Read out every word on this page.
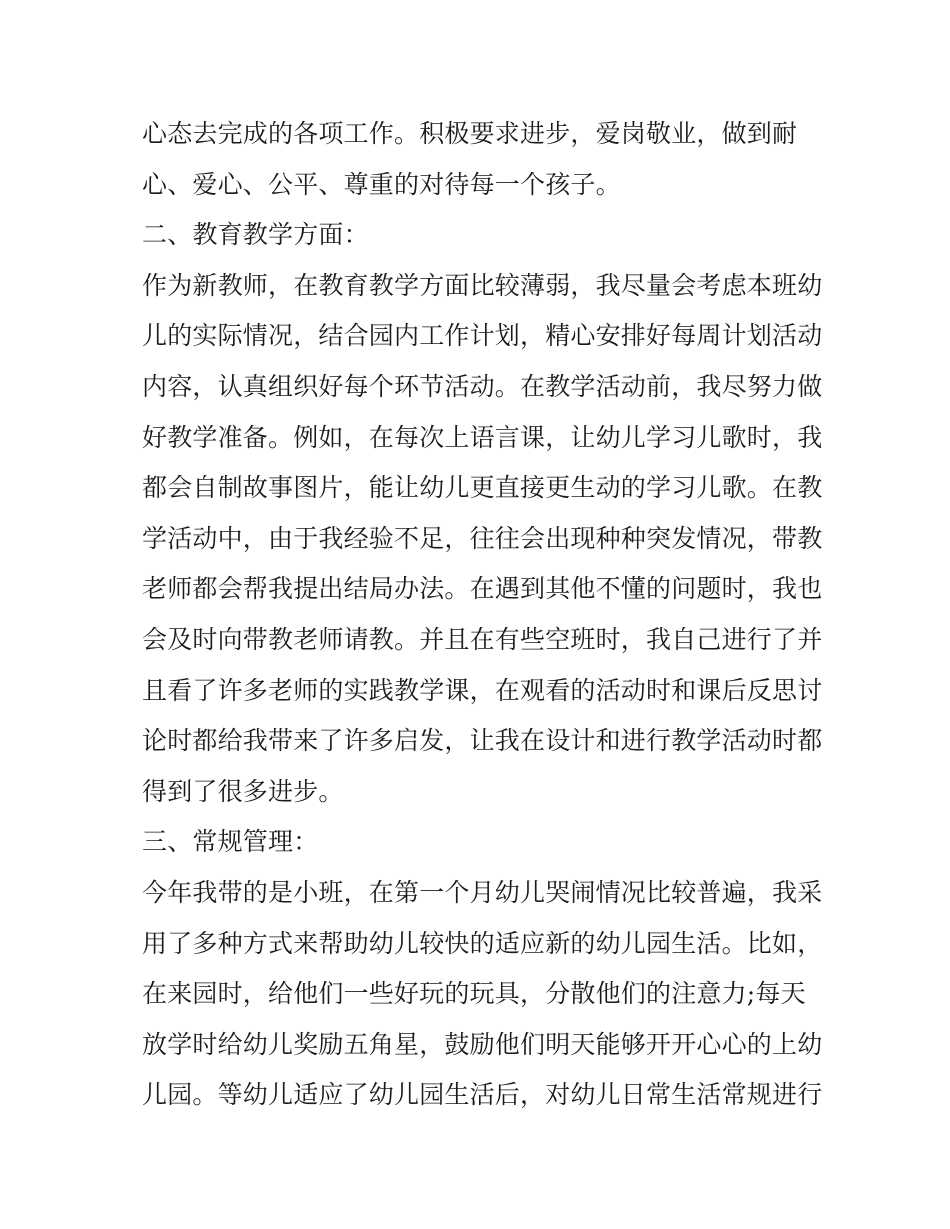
心态去完成的各项工作。积极要求进步，爱岗敬业，做到耐
心、爱心、公平、尊重的对待每一个孩子。
二、教育教学方面：
作为新教师，在教育教学方面比较薄弱，我尽量会考虑本班幼
儿的实际情况，结合园内工作计划，精心安排好每周计划活动
内容，认真组织好每个环节活动。在教学活动前，我尽努力做
好教学准备。例如，在每次上语言课，让幼儿学习儿歌时，我
都会自制故事图片，能让幼儿更直接更生动的学习儿歌。在教
学活动中，由于我经验不足，往往会出现种种突发情况，带教
老师都会帮我提出结局办法。在遇到其他不懂的问题时，我也
会及时向带教老师请教。并且在有些空班时，我自己进行了并
且看了许多老师的实践教学课，在观看的活动时和课后反思讨
论时都给我带来了许多启发，让我在设计和进行教学活动时都
得到了很多进步。
三、常规管理：
今年我带的是小班，在第一个月幼儿哭闹情况比较普遍，我采
用了多种方式来帮助幼儿较快的适应新的幼儿园生活。比如，
在来园时，给他们一些好玩的玩具，分散他们的注意力;每天
放学时给幼儿奖励五角星，鼓励他们明天能够开开心心的上幼
儿园。等幼儿适应了幼儿园生活后，对幼儿日常生活常规进行
